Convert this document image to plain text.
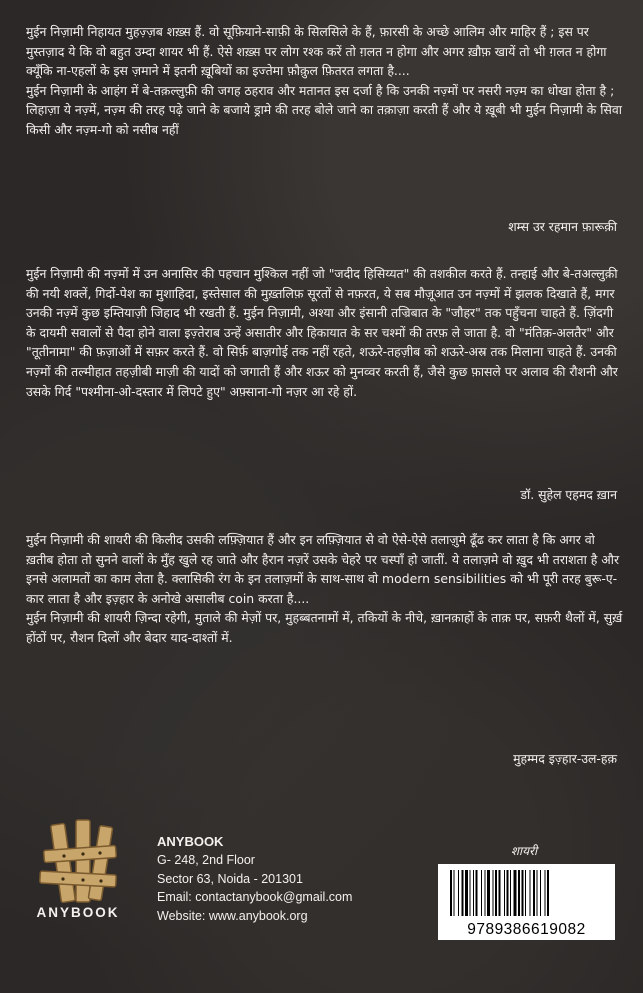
मुईन निज़ामी निहायत मुहज़्ज़ब शख़्स हैं. वो सूफ़ियाने-साफ़ी के सिलसिले के हैं, फ़ारसी के अच्छे आलिम और माहिर हैं ; इस पर मुस्तज़ाद ये कि वो बहुत उम्दा शायर भी हैं. ऐसे शख़्स पर लोग रश्क करें तो ग़लत न होगा और अगर ख़ौफ़ खायें तो भी ग़लत न होगा क्यूँकि ना-एहलों के इस ज़माने में इतनी ख़ूबियों का इज्तेमा फ़ौक़ुल फ़ितरत लगता है....
मुईन निज़ामी के आहंग में बे-तक़ल्लुफ़ी की जगह ठहराव और मतानत इस दर्जा है कि उनकी नज़्मों पर नसरी नज़्म का धोखा होता है ; लिहाज़ा ये नज़्में, नज़्म की तरह पढ़े जाने के बजाये ड्रामे की तरह बोले जाने का तक़ाज़ा करती हैं और ये ख़ूबी भी मुईन निज़ामी के सिवा किसी और नज़्म-गो को नसीब नहीं

शम्स उर रहमान फ़ारूक़ी

मुईन निज़ामी की नज़्मों में उन अनासिर की पहचान मुश्किल नहीं जो "जदीद हिसिय्यत" की तशकील करते हैं. तन्हाई और बे-तअल्लुक़ी की नयी शक्लें, गिर्दो-पेश का मुशाहिदा, इस्तेसाल की मुख़्तलिफ़ सूरतों से नफ़रत, ये सब मौज़ूआत उन नज़्मों में झलक दिखाते हैं, मगर उनकी नज़्में कुछ इम्तियाज़ी जिहाद भी रखती हैं. मुईन निज़ामी, अश्या और इंसानी तज्रिबात के "जौहर" तक पहुँचना चाहते हैं. ज़िंदगी के दायमी सवालों से पैदा होने वाला इज़्तेराब उन्हें असातीर और हिकायात के सर चश्मों की तरफ़ ले जाता है. वो "मंतिक़-अलतैर" और "तूतीनामा" की फ़ज़ाओं में सफ़र करते हैं. वो सिर्फ़ बाज़गोई तक नहीं रहते, शऊरे-तहज़ीब को शऊरे-अस्र तक मिलाना चाहते हैं. उनकी नज़्मों की तल्मीहात तहज़ीबी माज़ी की यादों को जगाती हैं और शऊर को मुनव्वर करती हैं, जैसे कुछ फ़ासले पर अलाव की रौशनी और उसके गिर्द "पश्मीना-ओ-दस्तार में लिपटे हुए" अफ़्साना-गो नज़र आ रहे हों.

डॉ. सुहेल एहमद ख़ान

मुईन निज़ामी की शायरी की किलीद उसकी लफ़्ज़ियात हैं और इन लफ़्ज़ियात से वो ऐसे-ऐसे तलाज़ुमे ढूँढ कर लाता है कि अगर वो ख़तीब होता तो सुनने वालों के मुँह खुले रह जाते और हैरान नज़रें उसके चेहरे पर चस्पाँ हो जातीं. ये तलाज़मे वो ख़ुद भी तराशता है और इनसे अलामतों का काम लेता है. क्लासिकी रंग के इन तलाज़मों के साथ-साथ वो modern sensibilities को भी पूरी तरह बुरू-ए-कार लाता है और इज़्हार के अनोखे असालीब coin करता है....
मुईन निज़ामी की शायरी ज़िन्दा रहेगी, मुताले की मेज़ों पर, मुहब्बतनामों में, तकियों के नीचे, ख़ानक़ाहों के ताक़ पर, सफ़री थैलों में, सुर्ख़ होंठों पर, रौशन दिलों और बेदार याद-दाश्तों में.

मुहम्मद इज़्हार-उल-हक़

ANYBOOK
ANYBOOK
G- 248, 2nd Floor
Sector 63, Noida - 201301
Email: contactanybook@gmail.com
Website: www.anybook.org
शायरी
9789386619082
